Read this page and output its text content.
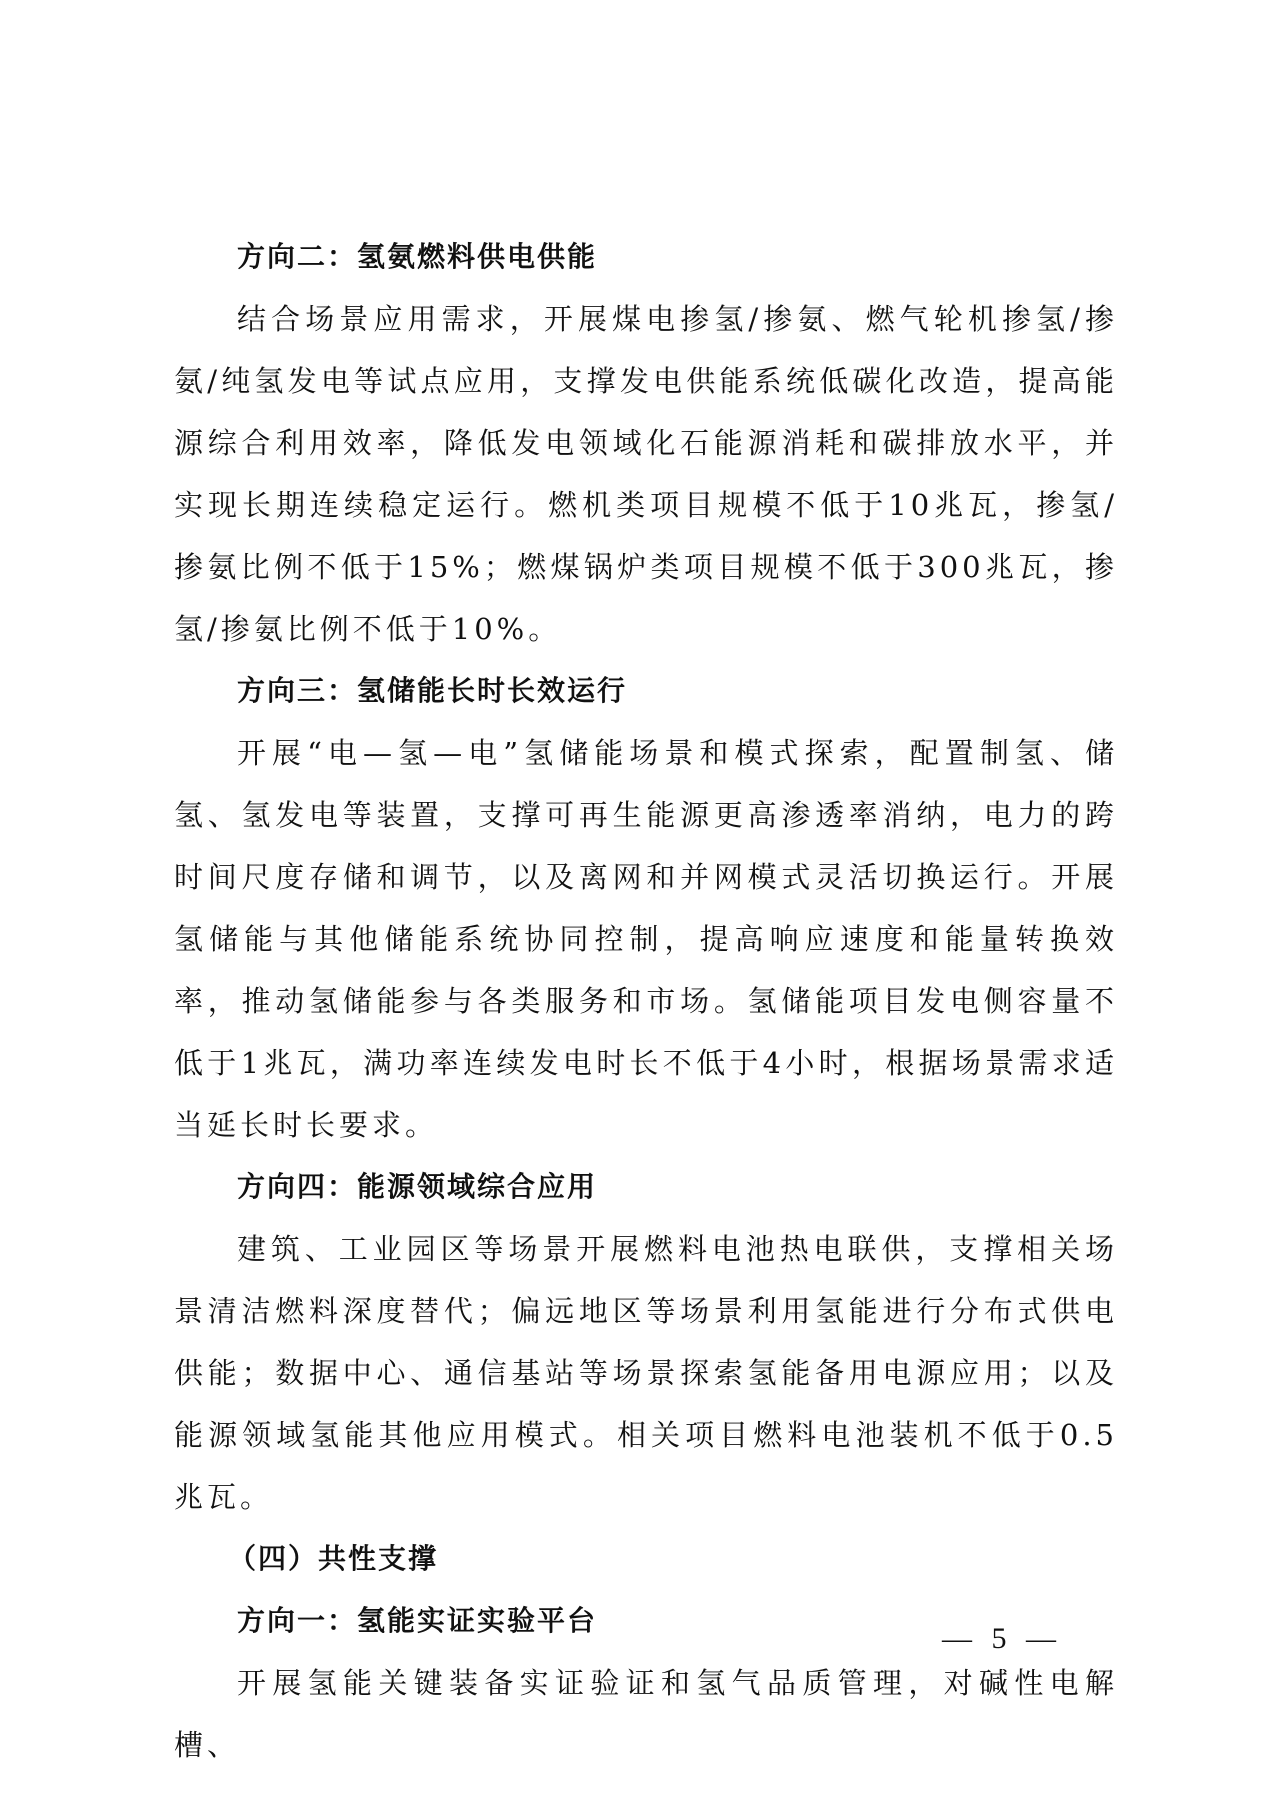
方向二：氢氨燃料供电供能

结合场景应用需求，开展煤电掺氢/掺氨、燃气轮机掺氢/掺氨/纯氢发电等试点应用，支撑发电供能系统低碳化改造，提高能源综合利用效率，降低发电领域化石能源消耗和碳排放水平，并实现长期连续稳定运行。燃机类项目规模不低于10兆瓦，掺氢/掺氨比例不低于15%；燃煤锅炉类项目规模不低于300兆瓦，掺氢/掺氨比例不低于10%。

方向三：氢储能长时长效运行

开展“电—氢—电”氢储能场景和模式探索，配置制氢、储氢、氢发电等装置，支撑可再生能源更高渗透率消纳，电力的跨时间尺度存储和调节，以及离网和并网模式灵活切换运行。开展氢储能与其他储能系统协同控制，提高响应速度和能量转换效率，推动氢储能参与各类服务和市场。氢储能项目发电侧容量不低于1兆瓦，满功率连续发电时长不低于4小时，根据场景需求适当延长时长要求。

方向四：能源领域综合应用

建筑、工业园区等场景开展燃料电池热电联供，支撑相关场景清洁燃料深度替代；偏远地区等场景利用氢能进行分布式供电供能；数据中心、通信基站等场景探索氢能备用电源应用；以及能源领域氢能其他应用模式。相关项目燃料电池装机不低于0.5兆瓦。

（四）共性支撑
方向一：氢能实证实验平台

开展氢能关键装备实证验证和氢气品质管理，对碱性电解槽、

— 5 —
